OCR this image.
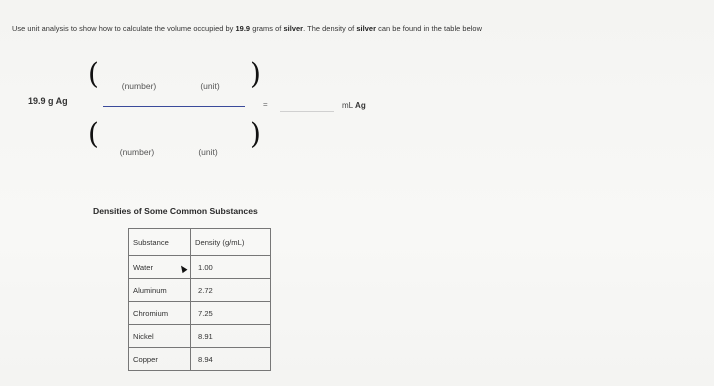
Use unit analysis to show how to calculate the volume occupied by 19.9 grams of silver. The density of silver can be found in the table below
19.9 g Ag
(	(number)	(unit)	)
(
(number)	(unit)
)
=	mL Ag
Densities of Some Common Substances
Substance	Density (g/mL)
Water	1.00
Aluminum	2.72
Chromium	7.25
Nickel	8.91
Copper	8.94
